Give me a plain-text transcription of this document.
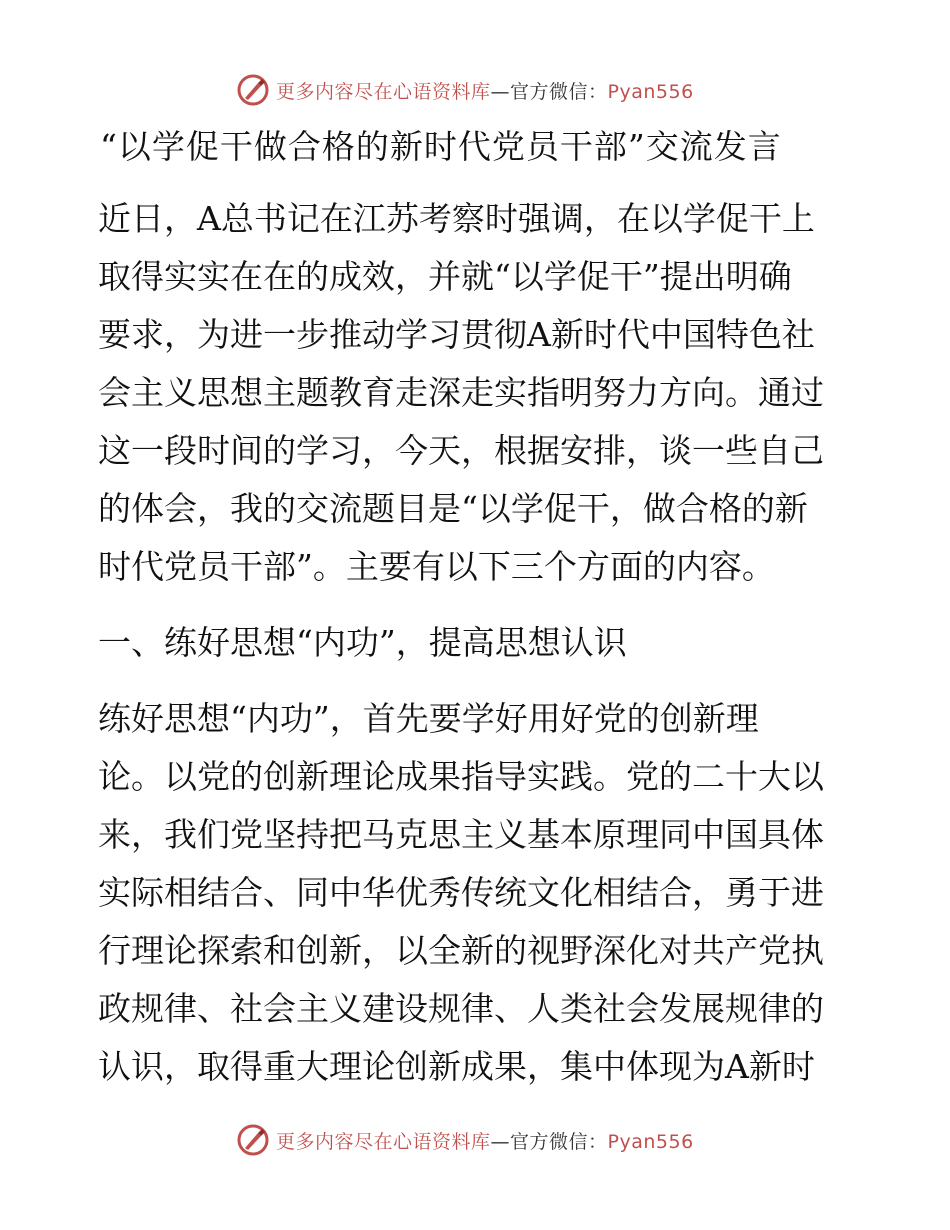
更多内容尽在心语资料库—官方微信：Pyan556
“以学促干做合格的新时代党员干部”交流发言
近日，A总书记在江苏考察时强调，在以学促干上
取得实实在在的成效，并就“以学促干”提出明确
要求，为进一步推动学习贯彻A新时代中国特色社
会主义思想主题教育走深走实指明努力方向。通过
这一段时间的学习，今天，根据安排，谈一些自己
的体会，我的交流题目是“以学促干，做合格的新
时代党员干部”。主要有以下三个方面的内容。
一、练好思想“内功”，提高思想认识
练好思想“内功”，首先要学好用好党的创新理
论。以党的创新理论成果指导实践。党的二十大以
来，我们党坚持把马克思主义基本原理同中国具体
实际相结合、同中华优秀传统文化相结合，勇于进
行理论探索和创新，以全新的视野深化对共产党执
政规律、社会主义建设规律、人类社会发展规律的
认识，取得重大理论创新成果，集中体现为A新时
更多内容尽在心语资料库—官方微信：Pyan556
